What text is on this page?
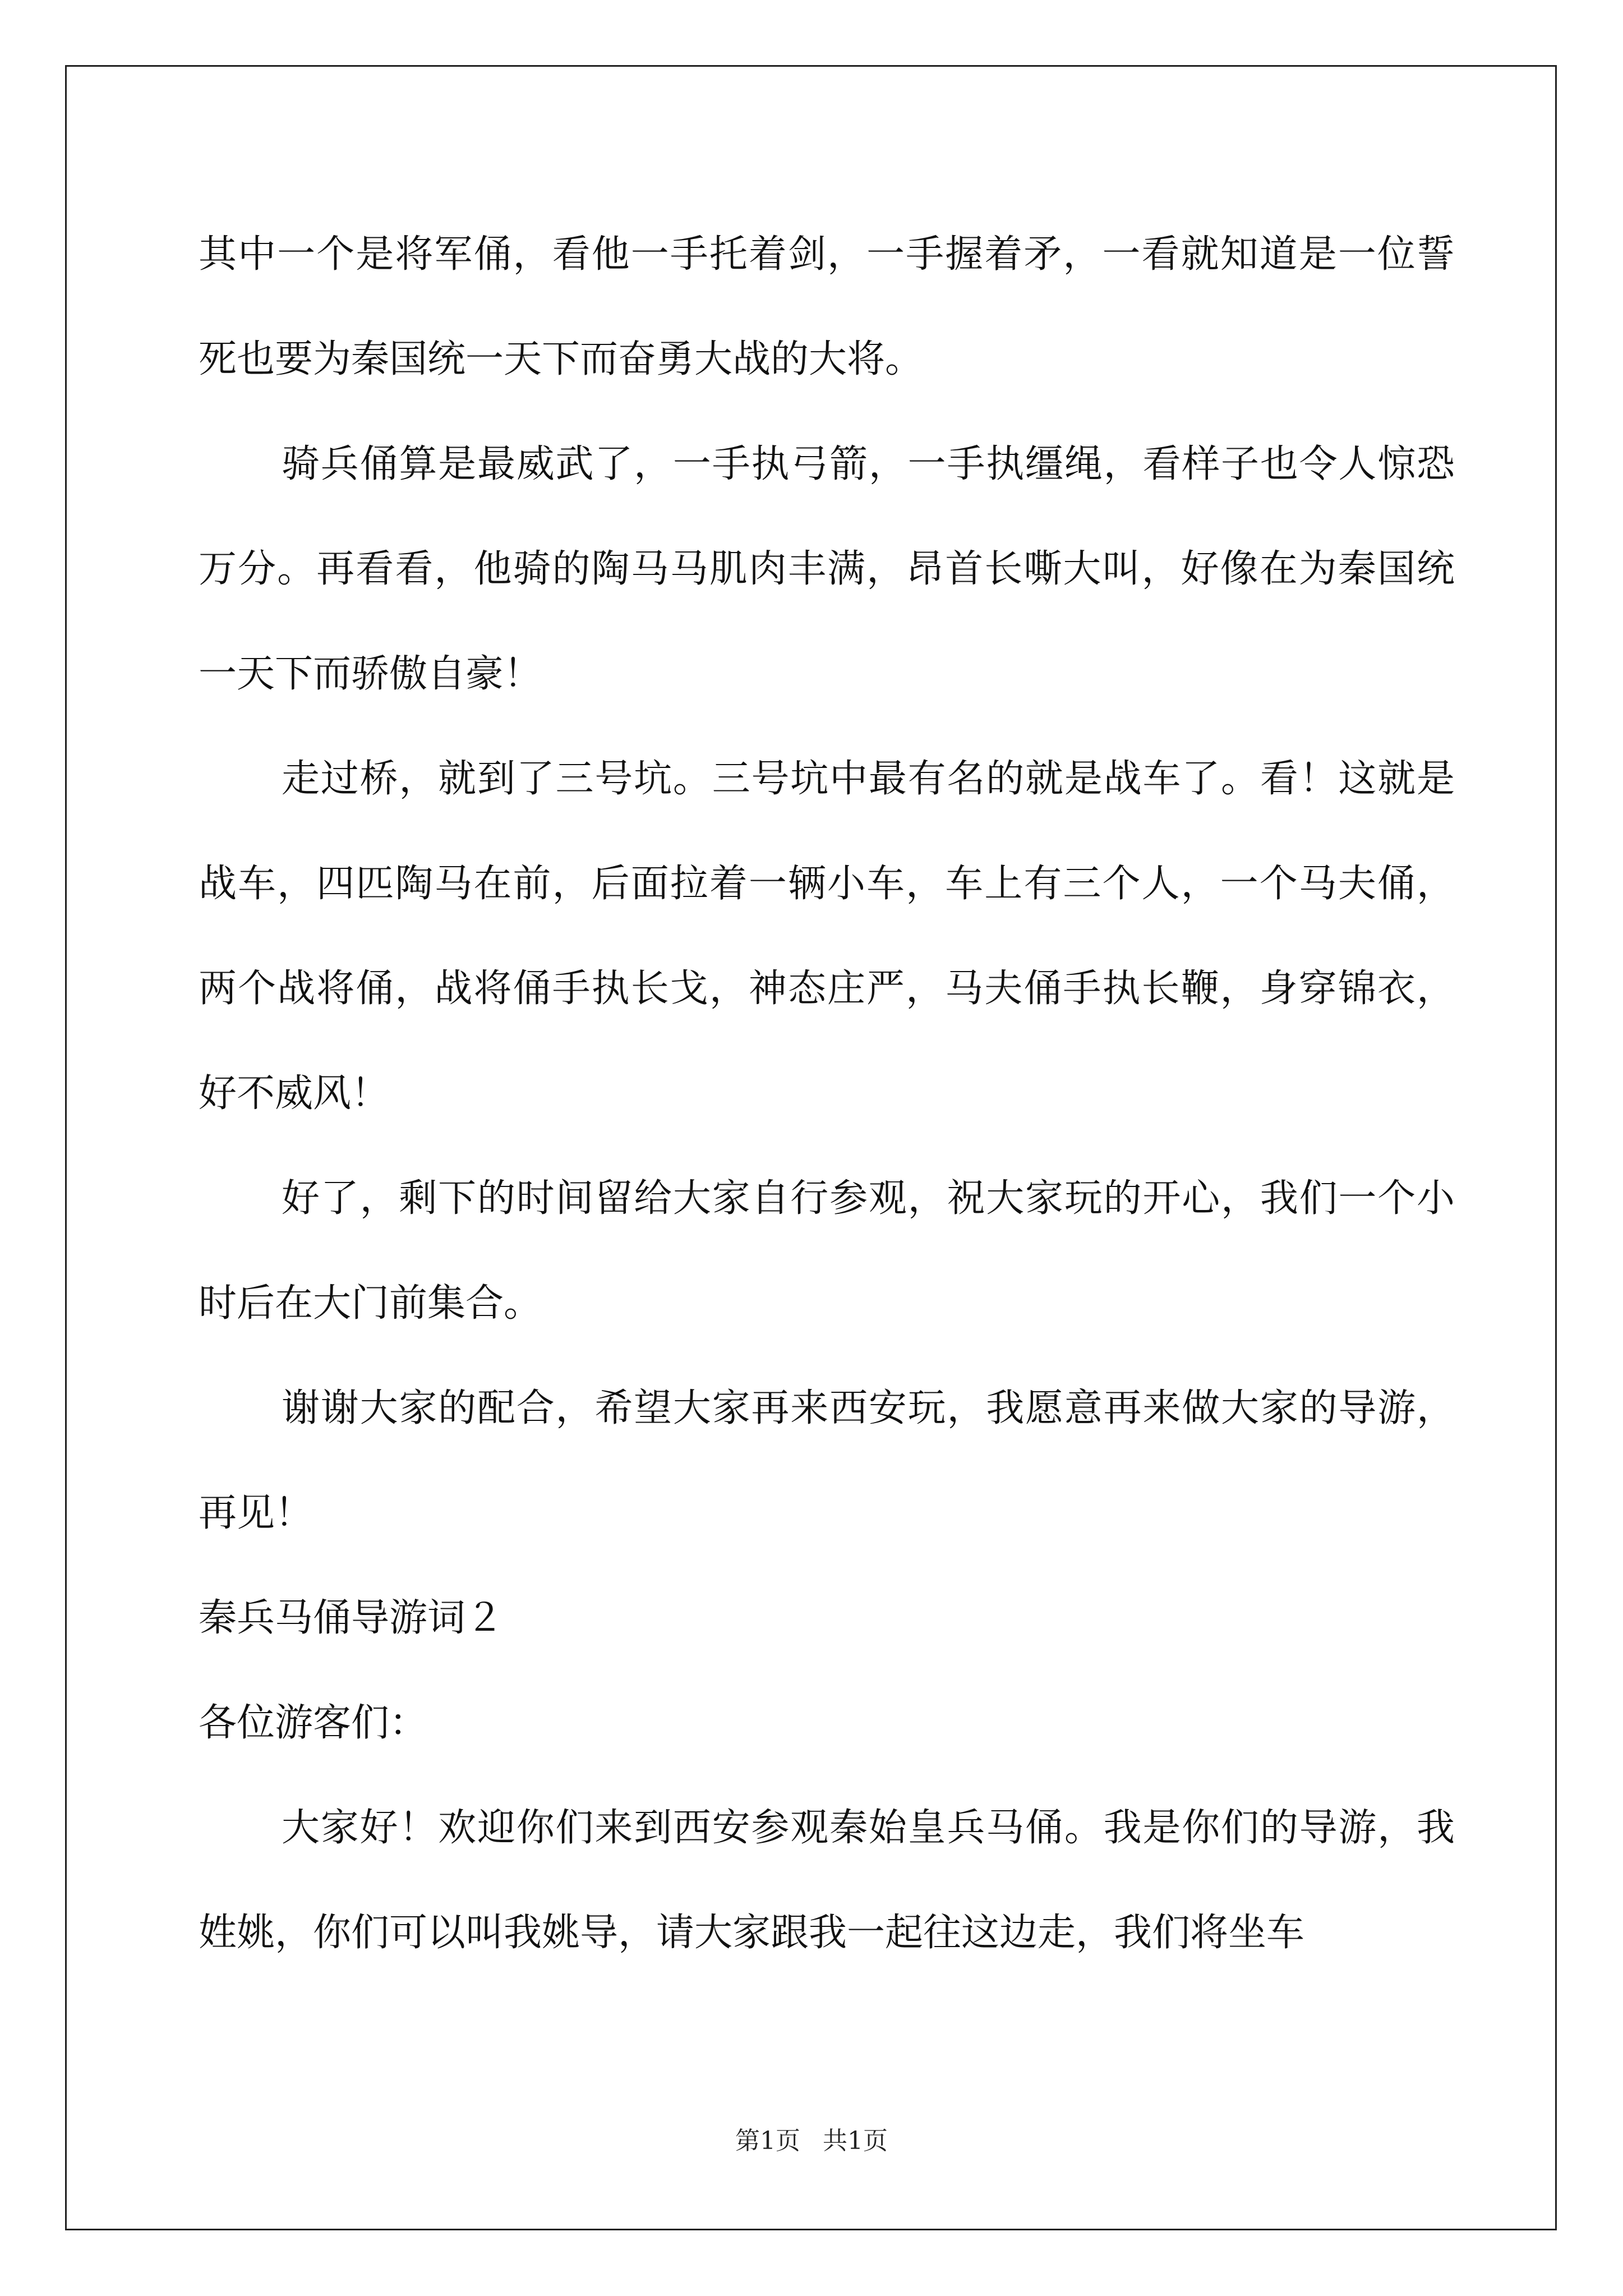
其中一个是将军俑，看他一手托着剑，一手握着矛，一看就知道是一位誓死也要为秦国统一天下而奋勇大战的大将。

骑兵俑算是最威武了，一手执弓箭，一手执缰绳，看样子也令人惊恐万分。再看看，他骑的陶马马肌肉丰满，昂首长嘶大叫，好像在为秦国统一天下而骄傲自豪！

走过桥，就到了三号坑。三号坑中最有名的就是战车了。看！这就是战车，四匹陶马在前，后面拉着一辆小车，车上有三个人，一个马夫俑，两个战将俑，战将俑手执长戈，神态庄严，马夫俑手执长鞭，身穿锦衣，好不威风！

好了，剩下的时间留给大家自行参观，祝大家玩的开心，我们一个小时后在大门前集合。

谢谢大家的配合，希望大家再来西安玩，我愿意再来做大家的导游，再见！

秦兵马俑导游词２

各位游客们：

大家好！欢迎你们来到西安参观秦始皇兵马俑。我是你们的导游，我姓姚，你们可以叫我姚导，请大家跟我一起往这边走，我们将坐车

第1页 共1页
